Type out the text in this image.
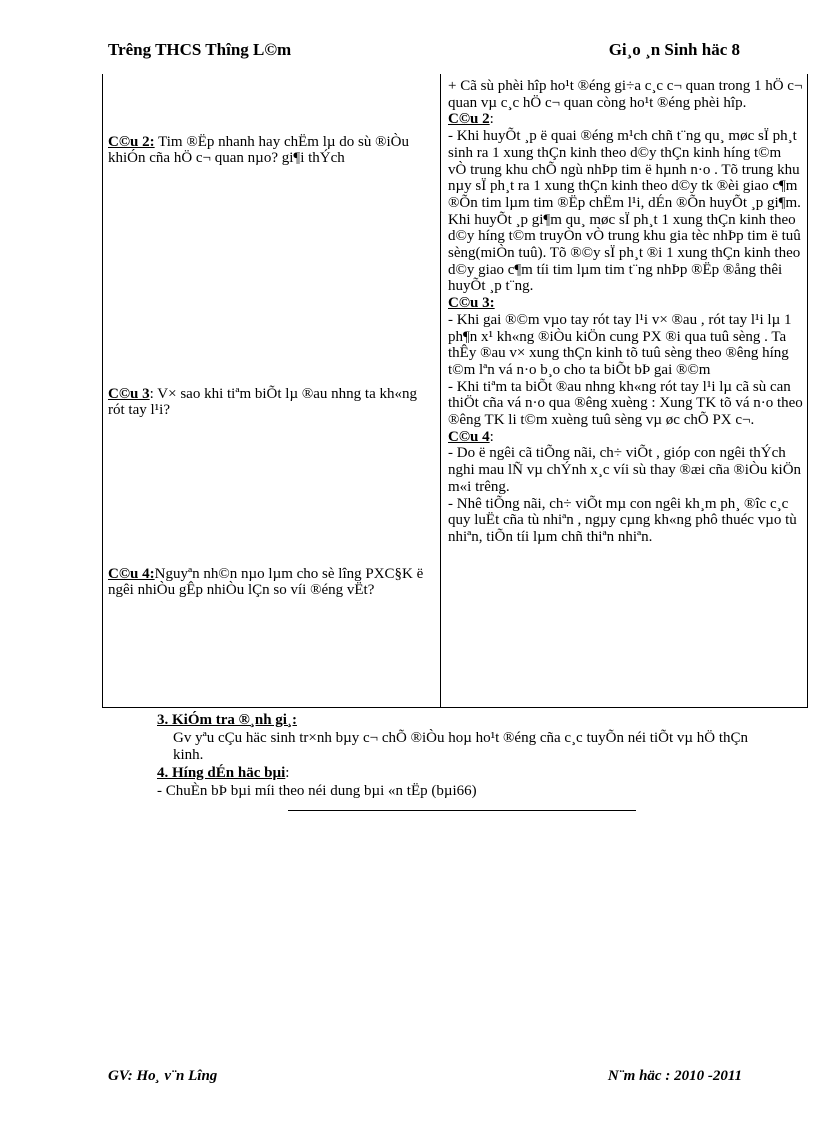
Trêng THCS Thîng L©m	Gi¸o ¸n Sinh häc 8
C©u 2: Tim ®Ëp nhanh hay chËm lµ do sù ®iÒu khiÓn cña hÖ c¬ quan nµo? gi¶i thÝch
C©u 3: V× sao khi tiªm biÕt lµ ®au nhng ta kh«ng rót tay l¹i?
C©u 4:Nguyªn nh©n nµo lµm cho sè lîng PXC§K ë ngêi nhiÒu gÊp nhiÒu lÇn so víi ®éng vËt?
+ Cã sù phèi hîp ho¹t ®éng gi÷a c¸c c¬ quan trong 1 hÖ c¬ quan vµ c¸c hÖ c¬ quan còng ho¹t ®éng phèi hîp.
C©u 2:
- Khi huyÕt ¸p ë quai ®éng m¹ch chñ t¨ng qu¸ møc sÏ ph¸t sinh ra 1 xung thÇn kinh theo d©y thÇn kinh híng t©m vÒ trung khu chÕ ngù nhÞp tim ë hµnh n·o . Tõ trung khu nµy sÏ ph¸t ra 1 xung thÇn kinh theo d©y tk ®èi giao c¶m ®Õn tim lµm tim ®Ëp chËm l¹i, dÉn ®Õn huyÕt ¸p gi¶m.
Khi huyÕt ¸p gi¶m qu¸ møc sÏ ph¸t 1 xung thÇn kinh theo d©y híng t©m truyÒn vÒ trung khu gia tèc nhÞp tim ë tuû sèng(miÒn tuû). Tõ ®©y sÏ ph¸t ®i 1 xung thÇn kinh theo d©y giao c¶m tíi tim lµm tim t¨ng nhÞp ®Ëp ®ång thêi huyÕt ¸p t¨ng.
C©u 3:
- Khi gai ®©m vµo tay rót tay l¹i v× ®au , rót tay l¹i lµ 1 ph¶n x¹ kh«ng ®iÒu kiÖn cung PX ®i qua tuû sèng . Ta thÊy ®au v× xung thÇn kinh tõ tuû sèng theo ®êng híng t©m lªn vá n·o b¸o cho ta biÕt bÞ gai ®©m
- Khi tiªm ta biÕt ®au nhng kh«ng rót tay l¹i lµ cã sù can thiÖt cña vá n·o qua ®êng xuèng : Xung TK tõ vá n·o theo ®êng TK li t©m xuèng tuû sèng vµ øc chÕ PX c¬.
C©u 4:
- Do ë ngêi cã tiÕng nãi, ch÷ viÕt , gióp con ngêi thÝch nghi mau lÑ vµ chÝnh x¸c víi sù thay ®æi cña ®iÒu kiÖn m«i trêng.
- Nhê tiÕng nãi, ch÷ viÕt mµ con ngêi kh¸m ph¸ ®îc c¸c quy luËt cña tù nhiªn , ngµy cµng kh«ng phô thuéc vµo tù nhiªn, tiÕn tíi lµm chñ thiªn nhiªn.
3. KiÓm tra ®¸nh gi¸:
Gv yªu cÇu häc sinh tr×nh bµy c¬ chÕ ®iÒu hoµ ho¹t ®éng cña c¸c tuyÕn néi tiÕt vµ hÖ thÇn kinh.
4. Híng dÉn häc bµi:
- ChuÈn bÞ bµi míi theo néi dung bµi «n tËp (bµi66)
GV: Ho¸ v¨n Lîng	N¨m häc : 2010 -2011
